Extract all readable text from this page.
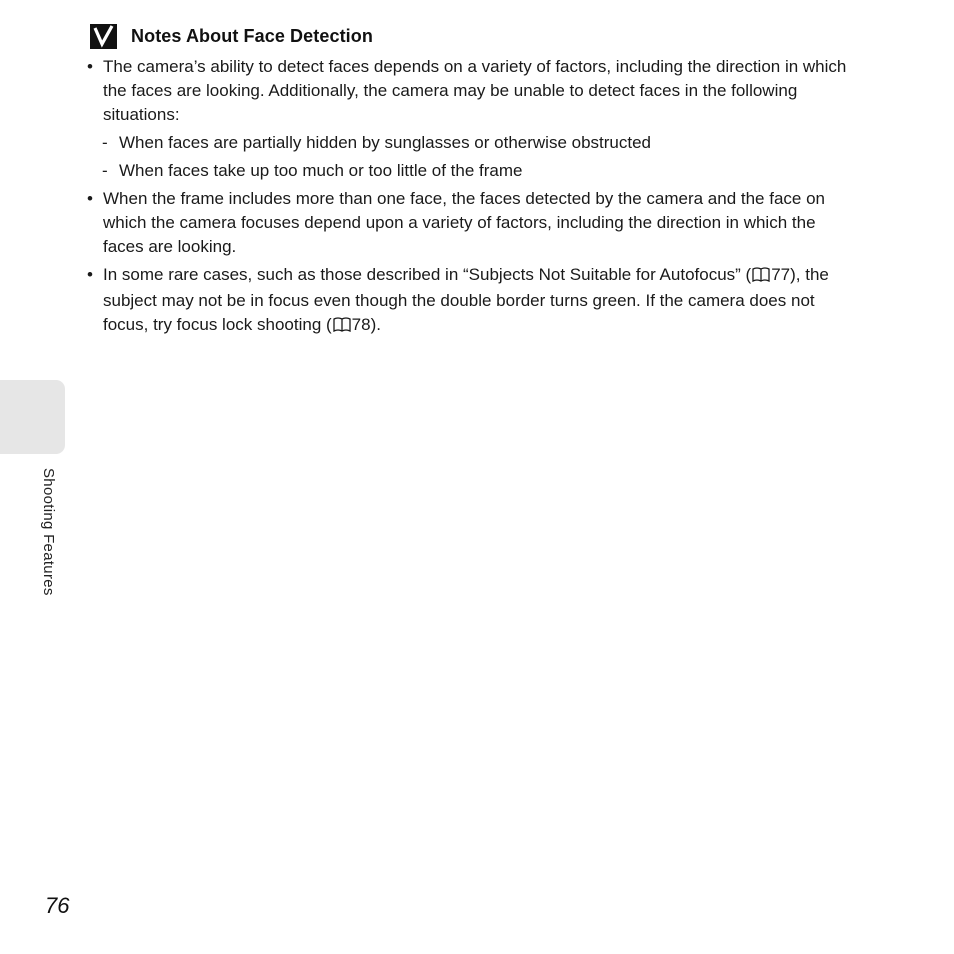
Notes About Face Detection
• The camera’s ability to detect faces depends on a variety of factors, including the direction in which the faces are looking. Additionally, the camera may be unable to detect faces in the following situations:
- When faces are partially hidden by sunglasses or otherwise obstructed
- When faces take up too much or too little of the frame
• When the frame includes more than one face, the faces detected by the camera and the face on which the camera focuses depend upon a variety of factors, including the direction in which the faces are looking.
• In some rare cases, such as those described in “Subjects Not Suitable for Autofocus” ( 77), the subject may not be in focus even though the double border turns green. If the camera does not focus, try focus lock shooting ( 78).
Shooting Features
76
